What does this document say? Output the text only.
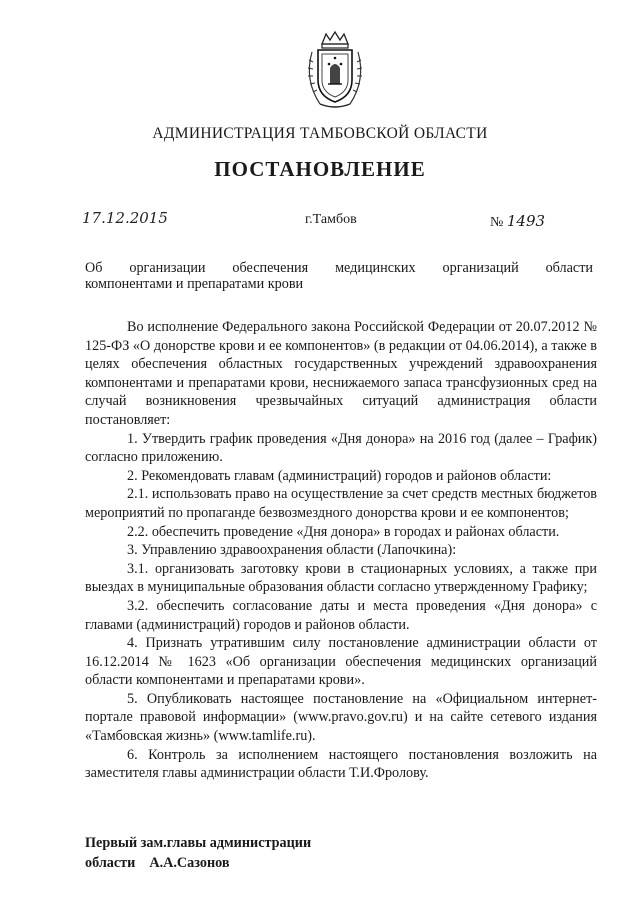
АДМИНИСТРАЦИЯ ТАМБОВСКОЙ ОБЛАСТИ
ПОСТАНОВЛЕНИЕ
17.12.2015	г.Тамбов	№ 1493
Об организации обеспечения медицинских организаций области
компонентами и препаратами крови

Во исполнение Федерального закона Российской Федерации от 20.07.2012 № 125-ФЗ «О донорстве крови и ее компонентов» (в редакции от 04.06.2014), а также в целях обеспечения областных государственных учреждений здравоохранения компонентами и препаратами крови, неснижаемого запаса трансфузионных сред на случай возникновения чрезвычайных ситуаций администрация области постановляет:

1. Утвердить график проведения «Дня донора» на 2016 год (далее – График) согласно приложению.

2. Рекомендовать главам (администраций) городов и районов области:

2.1. использовать право на осуществление за счет средств местных бюджетов мероприятий по пропаганде безвозмездного донорства крови и ее компонентов;

2.2. обеспечить проведение «Дня донора» в городах и районах области.

3. Управлению здравоохранения области (Лапочкина):

3.1. организовать заготовку крови в стационарных условиях, а также при выездах в муниципальные образования области согласно утвержденному Графику;

3.2. обеспечить согласование даты и места проведения «Дня донора» с главами (администраций) городов и районов области.

4. Признать утратившим силу постановление администрации области от 16.12.2014 № 1623 «Об организации обеспечения медицинских организаций области компонентами и препаратами крови».

5. Опубликовать настоящее постановление на «Официальном интернет-портале правовой информации» (www.pravo.gov.ru) и на сайте сетевого издания «Тамбовская жизнь» (www.tamlife.ru).

6. Контроль за исполнением настоящего постановления возложить на заместителя главы администрации области Т.И.Фролову.

Первый зам.главы администрации
области А.А.Сазонов
